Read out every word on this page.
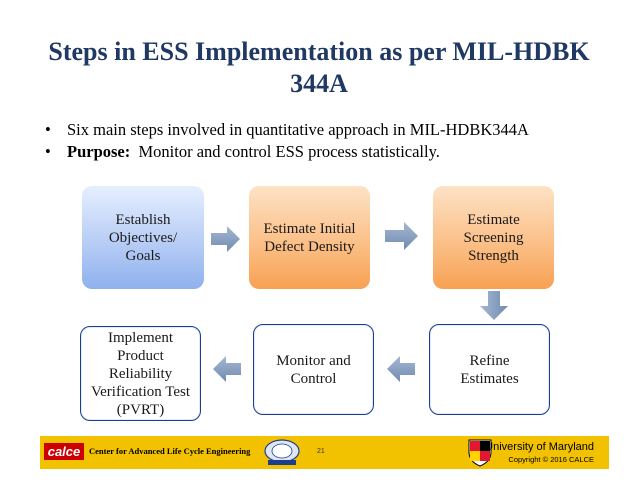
Steps in ESS Implementation as per MIL-HDBK 344A
• Six main steps involved in quantitative approach in MIL-HDBK344A
• Purpose:  Monitor and control ESS process statistically.
Establish Objectives/ Goals
Estimate Initial Defect Density
Estimate Screening Strength
Refine Estimates
Monitor and Control
Implement Product Reliability Verification Test (PVRT)
calce	Center for Advanced Life Cycle Engineering	21	University of Maryland
Copyright © 2016 CALCE
